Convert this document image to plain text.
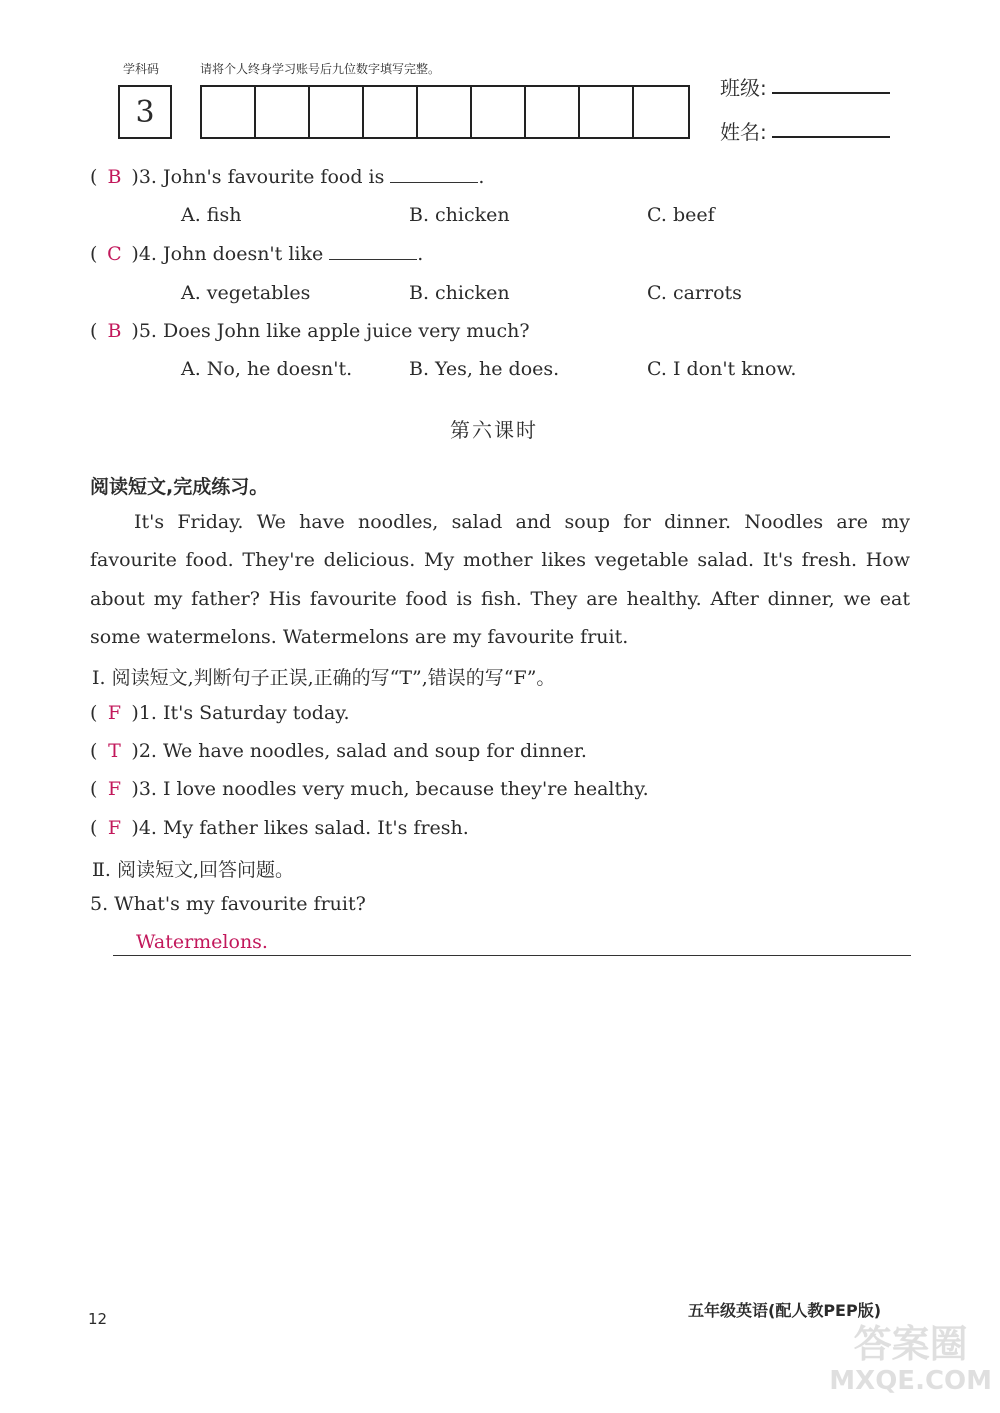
学科码	请将个人终身学习账号后九位数字填写完整。
3
班级:
姓名:
( B )3. John's favourite food is	.
A. fish	B. chicken	C. beef
( C )4. John doesn't like	.
A. vegetables	B. chicken	C. carrots
( B )5. Does John like apple juice very much?
A. No, he doesn't.	B. Yes, he does.	C. I don't know.
第六课时
阅读短文,完成练习。
It's Friday. We have noodles, salad and soup for dinner. Noodles are my favourite food. They're delicious. My mother likes vegetable salad. It's fresh. How about my father? His favourite food is fish. They are healthy. After dinner, we eat some watermelons. Watermelons are my favourite fruit.
Ⅰ. 阅读短文,判断句子正误,正确的写“T”,错误的写“F”。
( F )1. It's Saturday today.
( T )2. We have noodles, salad and soup for dinner.
( F )3. I love noodles very much, because they're healthy.
( F )4. My father likes salad. It's fresh.
Ⅱ. 阅读短文,回答问题。
5. What's my favourite fruit?
Watermelons.
12	五年级英语(配人教PEP版)
答案圈
MXQE.COM
